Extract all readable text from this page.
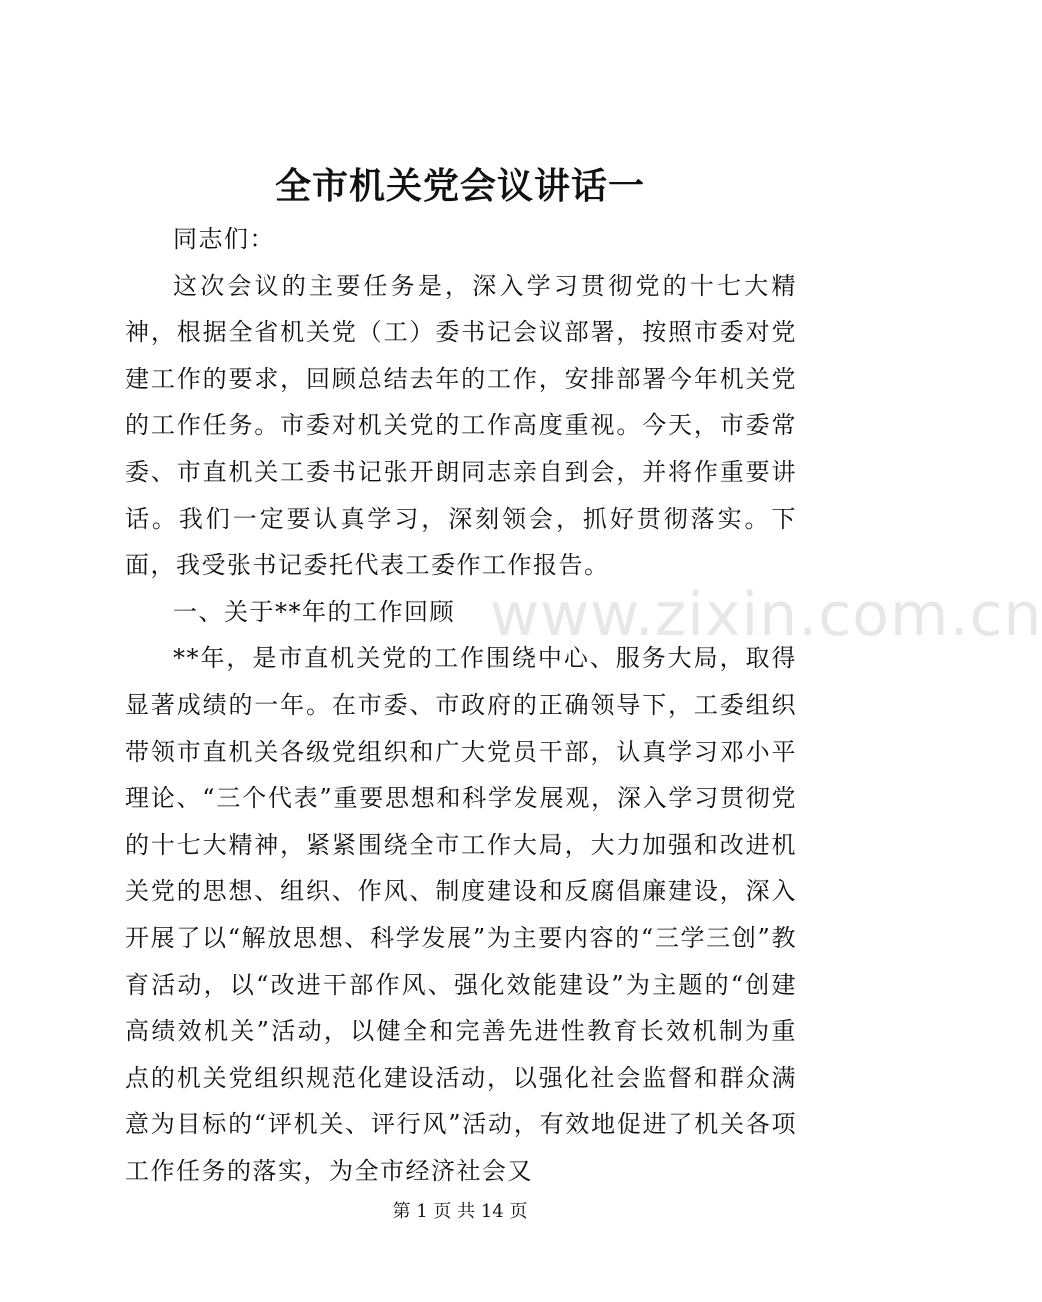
全市机关党会议讲话一

同志们：

这次会议的主要任务是，深入学习贯彻党的十七大精神，根据全省机关党（工）委书记会议部署，按照市委对党建工作的要求，回顾总结去年的工作，安排部署今年机关党的工作任务。市委对机关党的工作高度重视。今天，市委常委、市直机关工委书记张开朗同志亲自到会，并将作重要讲话。我们一定要认真学习，深刻领会，抓好贯彻落实。下面，我受张书记委托代表工委作工作报告。

一、关于**年的工作回顾

**年，是市直机关党的工作围绕中心、服务大局，取得显著成绩的一年。在市委、市政府的正确领导下，工委组织带领市直机关各级党组织和广大党员干部，认真学习邓小平理论、“三个代表”重要思想和科学发展观，深入学习贯彻党的十七大精神，紧紧围绕全市工作大局，大力加强和改进机关党的思想、组织、作风、制度建设和反腐倡廉建设，深入开展了以“解放思想、科学发展”为主要内容的“三学三创”教育活动，以“改进干部作风、强化效能建设”为主题的“创建高绩效机关”活动，以健全和完善先进性教育长效机制为重点的机关党组织规范化建设活动，以强化社会监督和群众满意为目标的“评机关、评行风”活动，有效地促进了机关各项工作任务的落实，为全市经济社会又

www.zixin.com.cn
第 1 页 共 14 页
